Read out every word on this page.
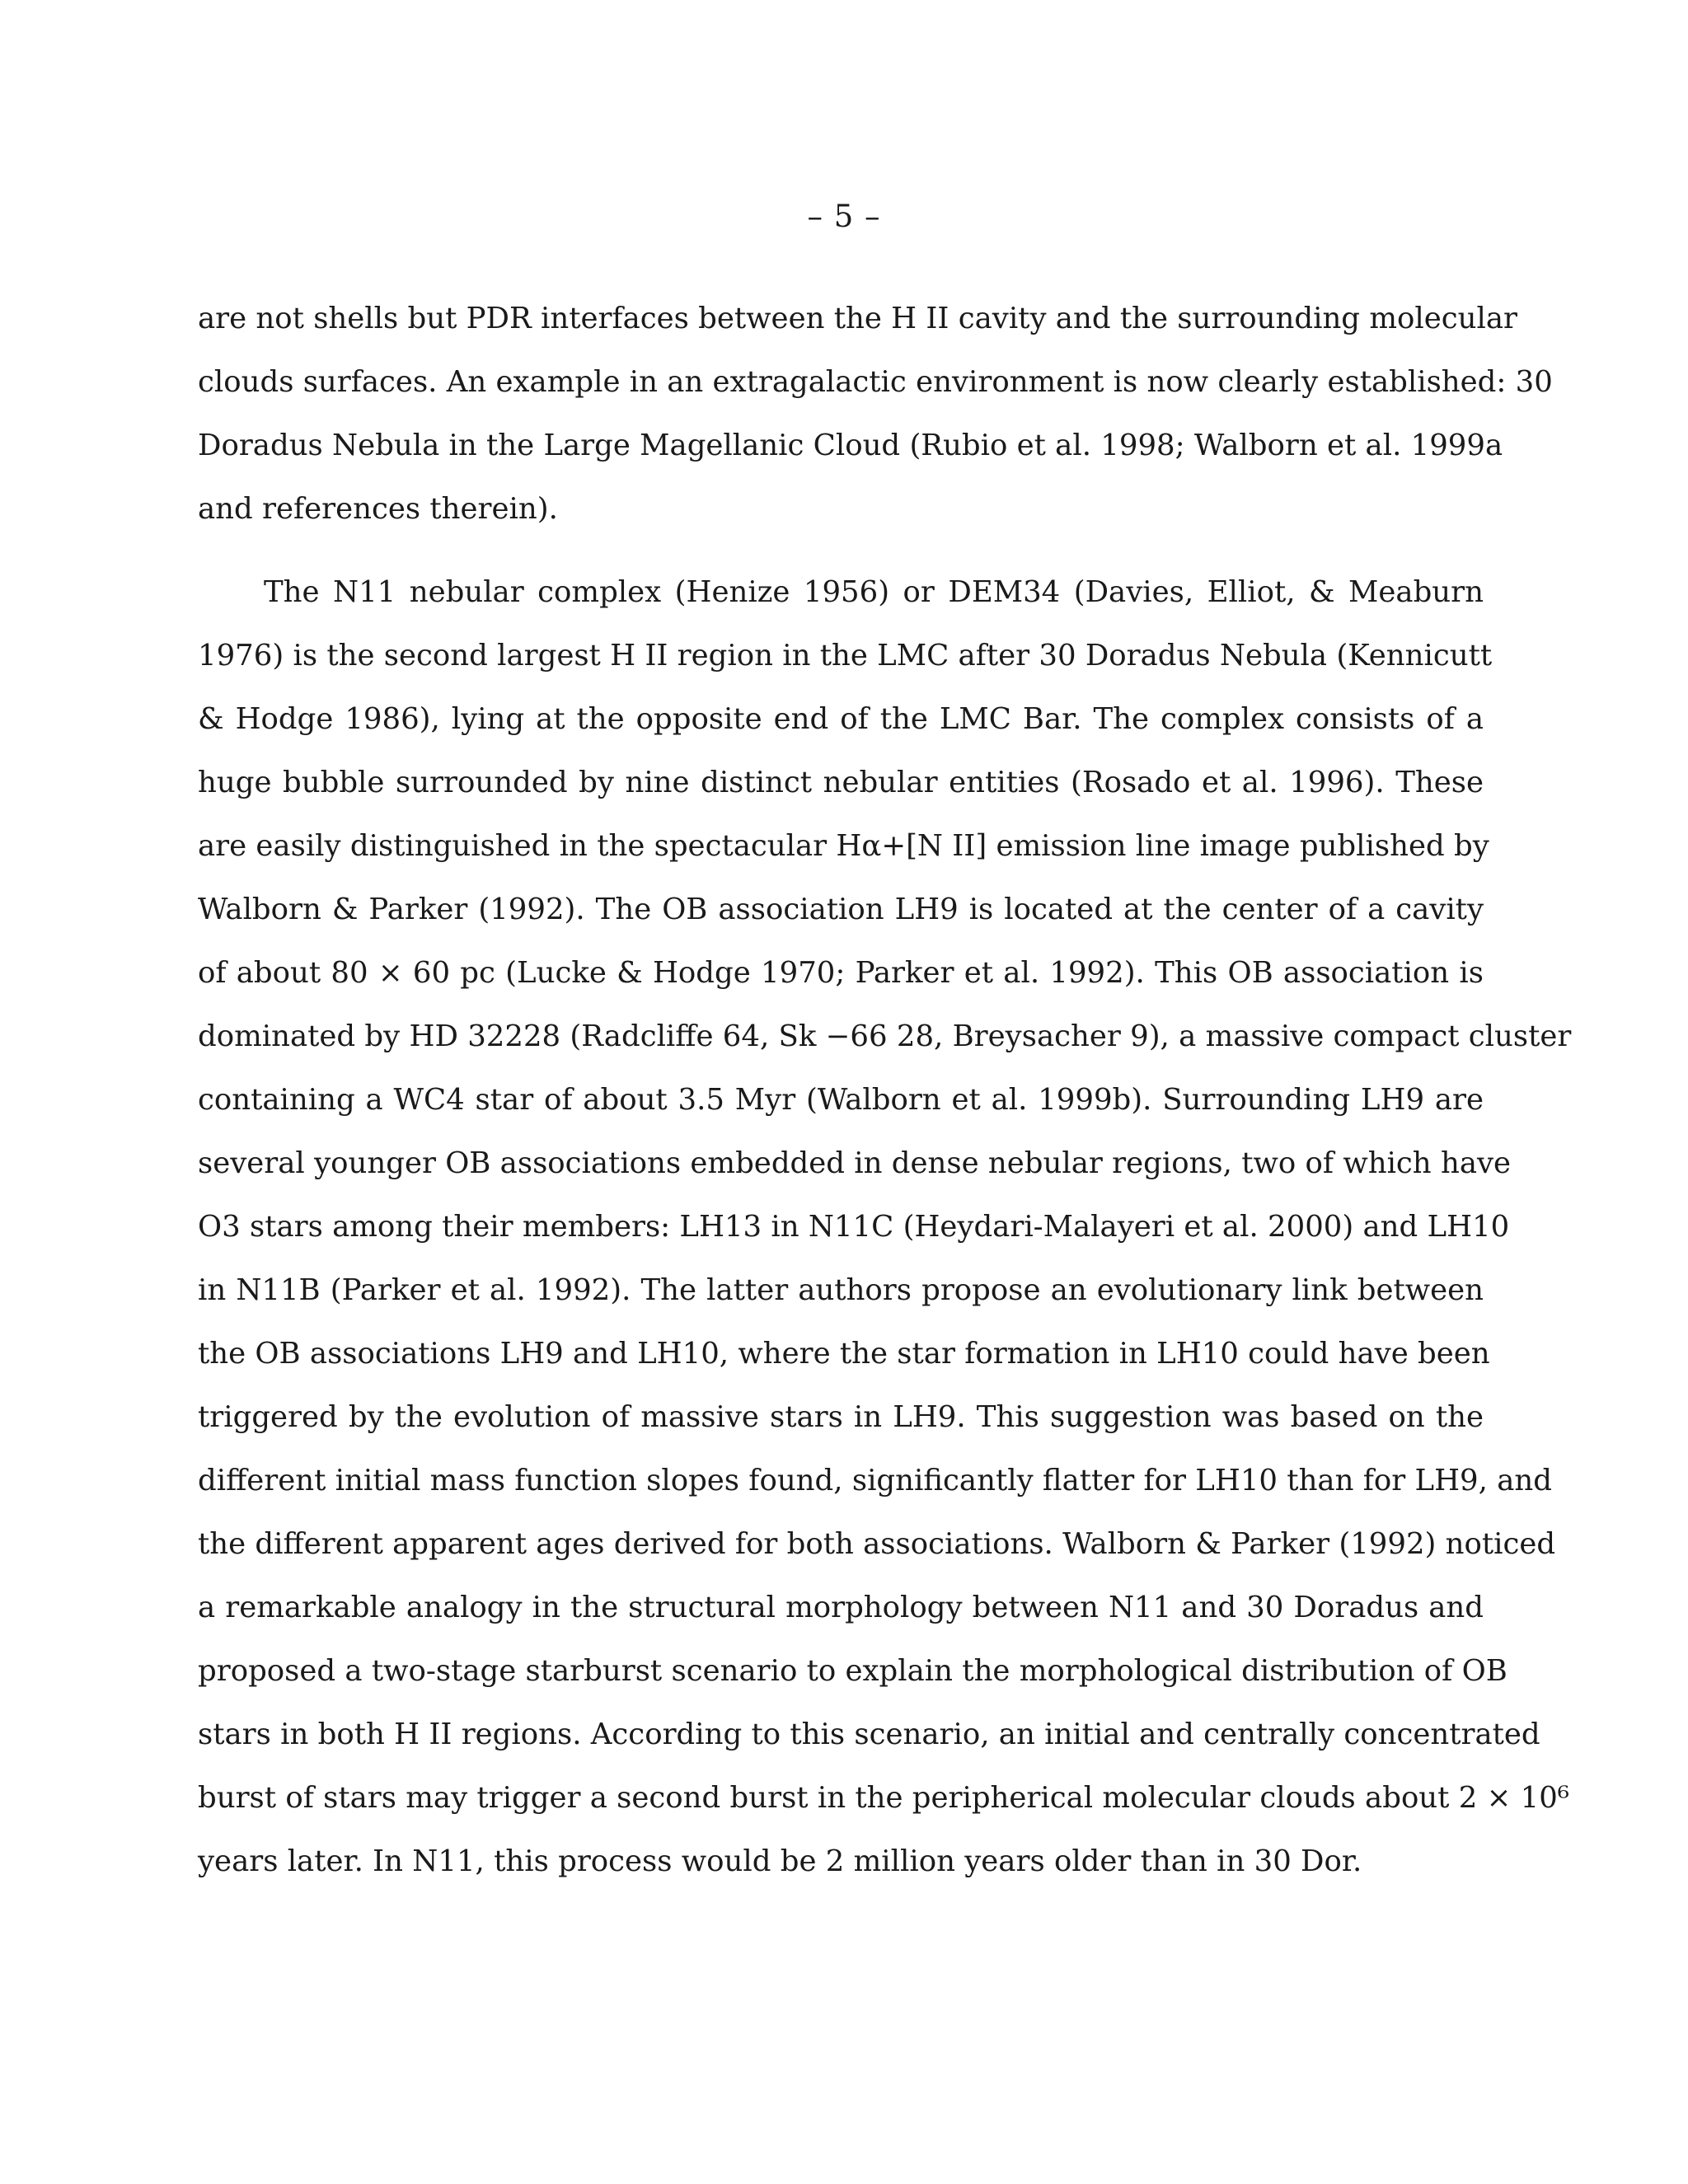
– 5 –
are not shells but PDR interfaces between the H II cavity and the surrounding molecular
clouds surfaces. An example in an extragalactic environment is now clearly established: 30
Doradus Nebula in the Large Magellanic Cloud (Rubio et al. 1998; Walborn et al. 1999a
and references therein).
The N11 nebular complex (Henize 1956) or DEM34 (Davies, Elliot, & Meaburn
1976) is the second largest H II region in the LMC after 30 Doradus Nebula (Kennicutt
& Hodge 1986), lying at the opposite end of the LMC Bar. The complex consists of a
huge bubble surrounded by nine distinct nebular entities (Rosado et al. 1996). These
are easily distinguished in the spectacular Hα+[N II] emission line image published by
Walborn & Parker (1992). The OB association LH9 is located at the center of a cavity
of about 80 × 60 pc (Lucke & Hodge 1970; Parker et al. 1992). This OB association is
dominated by HD 32228 (Radcliffe 64, Sk −66 28, Breysacher 9), a massive compact cluster
containing a WC4 star of about 3.5 Myr (Walborn et al. 1999b). Surrounding LH9 are
several younger OB associations embedded in dense nebular regions, two of which have
O3 stars among their members: LH13 in N11C (Heydari-Malayeri et al. 2000) and LH10
in N11B (Parker et al. 1992). The latter authors propose an evolutionary link between
the OB associations LH9 and LH10, where the star formation in LH10 could have been
triggered by the evolution of massive stars in LH9. This suggestion was based on the
different initial mass function slopes found, significantly flatter for LH10 than for LH9, and
the different apparent ages derived for both associations. Walborn & Parker (1992) noticed
a remarkable analogy in the structural morphology between N11 and 30 Doradus and
proposed a two-stage starburst scenario to explain the morphological distribution of OB
stars in both H II regions. According to this scenario, an initial and centrally concentrated
burst of stars may trigger a second burst in the peripherical molecular clouds about 2 × 10⁶
years later. In N11, this process would be 2 million years older than in 30 Dor.
